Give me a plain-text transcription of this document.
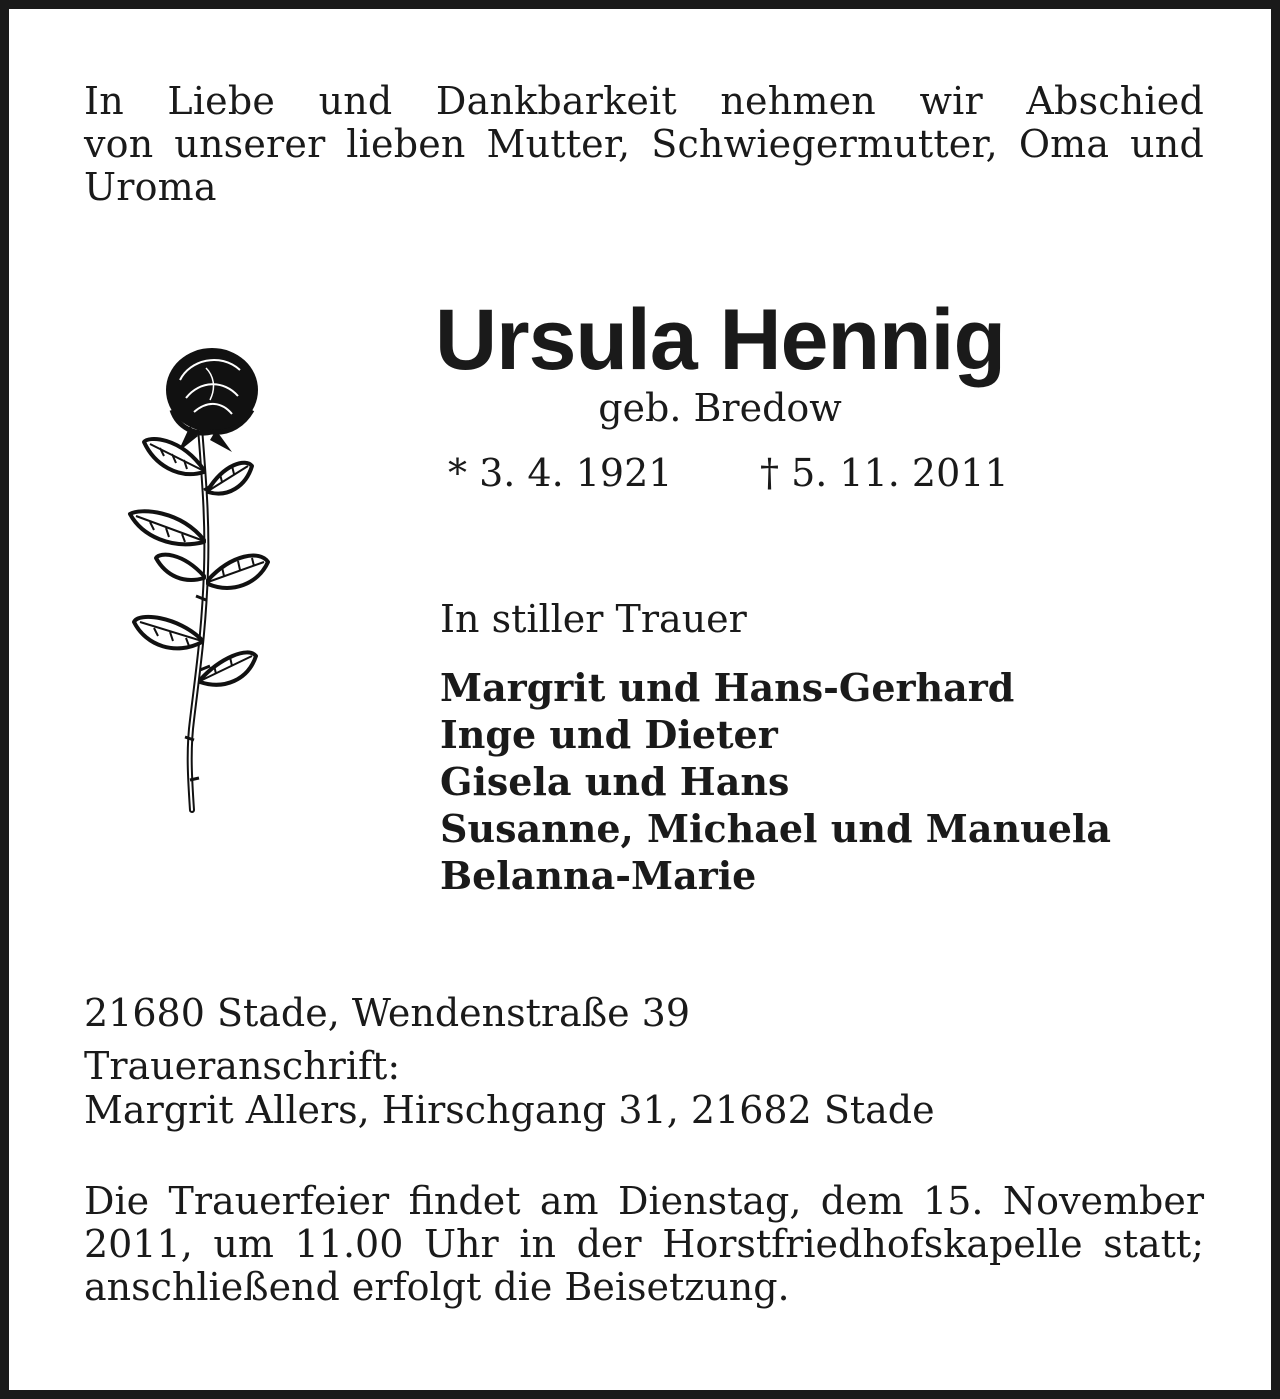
In Liebe und Dankbarkeit nehmen wir Abschied
von unserer lieben Mutter, Schwiegermutter, Oma und
Uroma

Ursula Hennig

geb. Bredow

* 3. 4. 1921 † 5. 11. 2011

In stiller Trauer

Margrit und Hans-Gerhard
Inge und Dieter
Gisela und Hans
Susanne, Michael und Manuela
Belanna-Marie

21680 Stade, Wendenstraße 39

Traueranschrift:
Margrit Allers, Hirschgang 31, 21682 Stade

Die Trauerfeier findet am Dienstag, dem 15. November
2011, um 11.00 Uhr in der Horstfriedhofskapelle statt;
anschließend erfolgt die Beisetzung.
